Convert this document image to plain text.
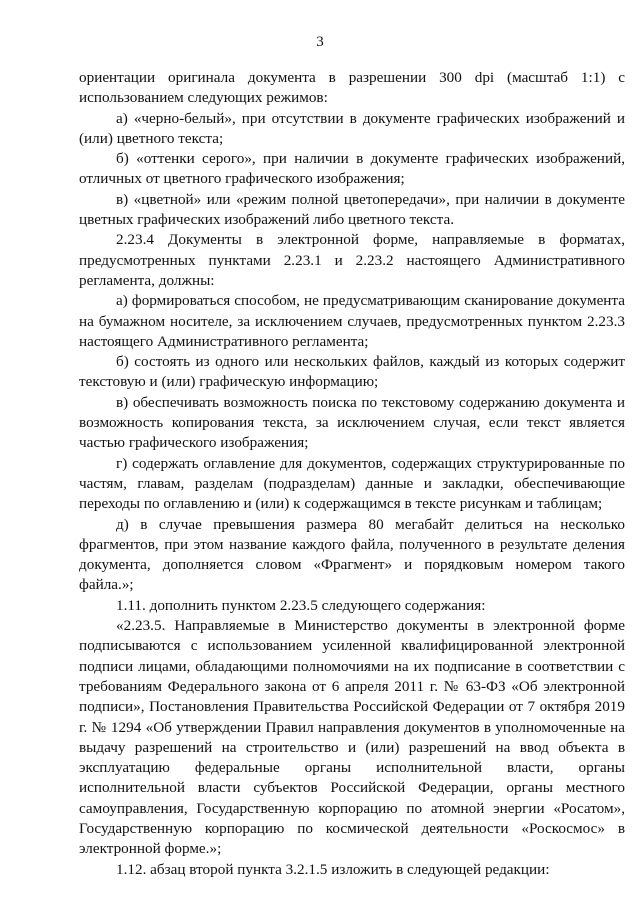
3

ориентации оригинала документа в разрешении 300 dpi (масштаб 1:1) с использованием следующих режимов:

а) «черно-белый», при отсутствии в документе графических изображений и (или) цветного текста;

б) «оттенки серого», при наличии в документе графических изображений, отличных от цветного графического изображения;

в) «цветной» или «режим полной цветопередачи», при наличии в документе цветных графических изображений либо цветного текста.

2.23.4 Документы в электронной форме, направляемые в форматах, предусмотренных пунктами 2.23.1 и 2.23.2 настоящего Административного регламента, должны:

а) формироваться способом, не предусматривающим сканирование документа на бумажном носителе, за исключением случаев, предусмотренных пунктом 2.23.3 настоящего Административного регламента;

б) состоять из одного или нескольких файлов, каждый из которых содержит текстовую и (или) графическую информацию;

в) обеспечивать возможность поиска по текстовому содержанию документа и возможность копирования текста, за исключением случая, если текст является частью графического изображения;

г) содержать оглавление для документов, содержащих структурированные по частям, главам, разделам (подразделам) данные и закладки, обеспечивающие переходы по оглавлению и (или) к содержащимся в тексте рисункам и таблицам;

д) в случае превышения размера 80 мегабайт делиться на несколько фрагментов, при этом название каждого файла, полученного в результате деления документа, дополняется словом «Фрагмент» и порядковым номером такого файла.»;

1.11. дополнить пунктом 2.23.5 следующего содержания:

«2.23.5. Направляемые в Министерство документы в электронной форме подписываются с использованием усиленной квалифицированной электронной подписи лицами, обладающими полномочиями на их подписание в соответствии с требованиям Федерального закона от 6 апреля 2011 г. № 63-ФЗ «Об электронной подписи», Постановления Правительства Российской Федерации от 7 октября 2019 г. № 1294 «Об утверждении Правил направления документов в уполномоченные на выдачу разрешений на строительство и (или) разрешений на ввод объекта в эксплуатацию федеральные органы исполнительной власти, органы исполнительной власти субъектов Российской Федерации, органы местного самоуправления, Государственную корпорацию по атомной энергии «Росатом», Государственную корпорацию по космической деятельности «Роскосмос» в электронной форме.»;

1.12. абзац второй пункта 3.2.1.5 изложить в следующей редакции:
